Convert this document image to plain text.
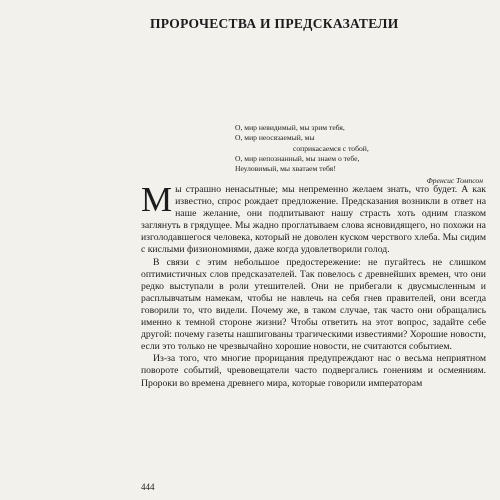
ПРОРОЧЕСТВА И ПРЕДСКАЗАТЕЛИ
О, мир невидимый, мы зрим тебя,
О, мир неосязаемый, мы
соприкасаемся с тобой,
О, мир непознанный, мы знаем о тебе,
Неуловимый, мы хватаем тебя!
Френсис Томпсон

Мы страшно ненасытные; мы непременно желаем знать, что будет. А как известно, спрос рождает предложение. Предсказания возникли в ответ на наше желание, они подпитывают нашу страсть хоть одним глазком заглянуть в грядущее. Мы жадно проглатываем слова ясновидящего, но похожи на изголодавшегося человека, который не доволен куском черствого хлеба. Мы сидим с кислыми физиономиями, даже когда удовлетворили голод.

В связи с этим небольшое предостережение: не пугайтесь не слишком оптимистичных слов предсказателей. Так повелось с древнейших времен, что они редко выступали в роли утешителей. Они не прибегали к двусмысленным и расплывчатым намекам, чтобы не навлечь на себя гнев правителей, они всегда говорили то, что видели. Почему же, в таком случае, так часто они обращались именно к темной стороне жизни? Чтобы ответить на этот вопрос, задайте себе другой: почему газеты нашпигованы трагическими известиями? Хорошие новости, если это только не чрезвычайно хорошие новости, не считаются событием.

Из-за того, что многие прорицания предупреждают нас о весьма неприятном повороте событий, чревовещатели часто подвергались гонениям и осмеяниям. Пророки во времена древнего мира, которые говорили императорам

444
